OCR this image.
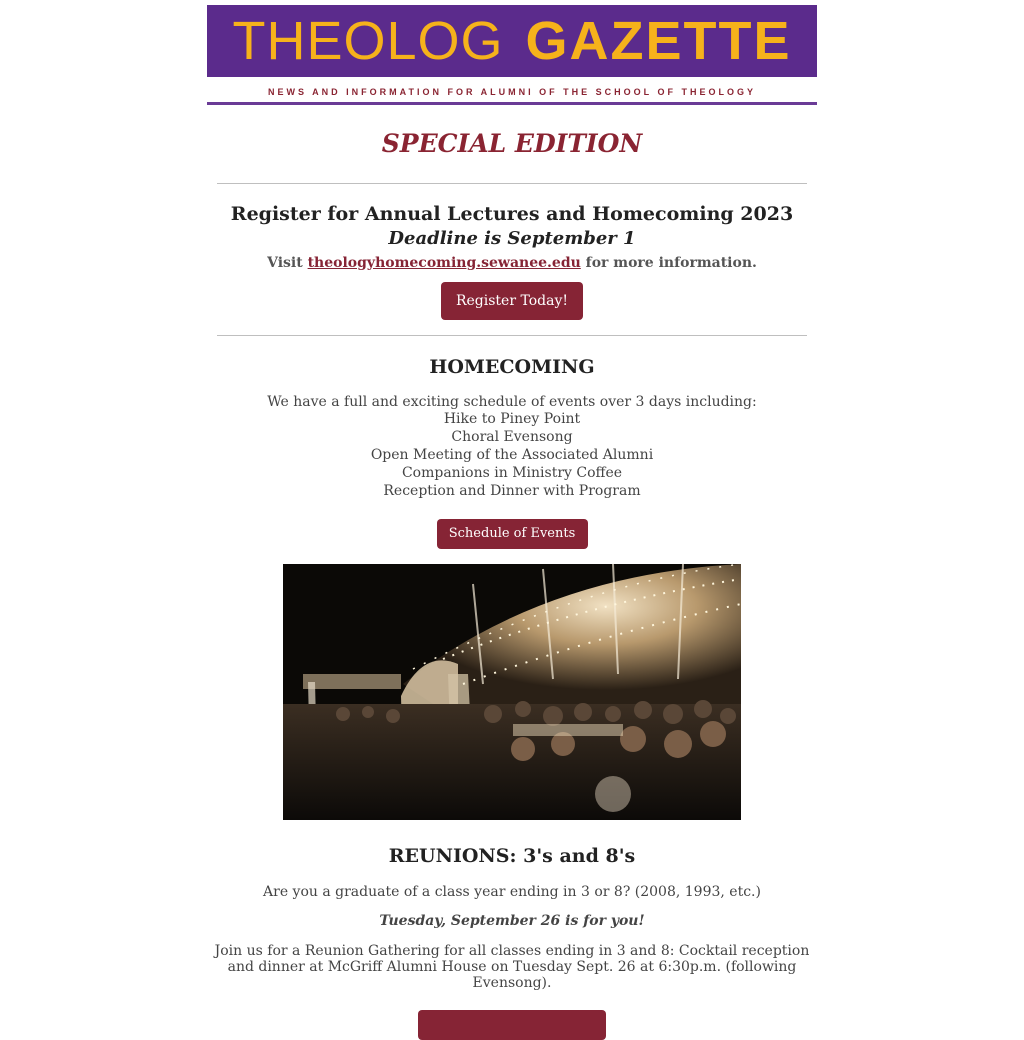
THEOLOG GAZETTE
NEWS AND INFORMATION FOR ALUMNI OF THE SCHOOL OF THEOLOGY
SPECIAL EDITION
Register for Annual Lectures and Homecoming 2023
Deadline is September 1
Visit theologyhomecoming.sewanee.edu for more information.
Register Today!
HOMECOMING
We have a full and exciting schedule of events over 3 days including:
Hike to Piney Point
Choral Evensong
Open Meeting of the Associated Alumni
Companions in Ministry Coffee
Reception and Dinner with Program
Schedule of Events
REUNIONS: 3's and 8's
Are you a graduate of a class year ending in 3 or 8? (2008, 1993, etc.)
Tuesday, September 26 is for you!
Join us for a Reunion Gathering for all classes ending in 3 and 8: Cocktail reception and dinner at McGriff Alumni House on Tuesday Sept. 26 at 6:30p.m. (following Evensong).
